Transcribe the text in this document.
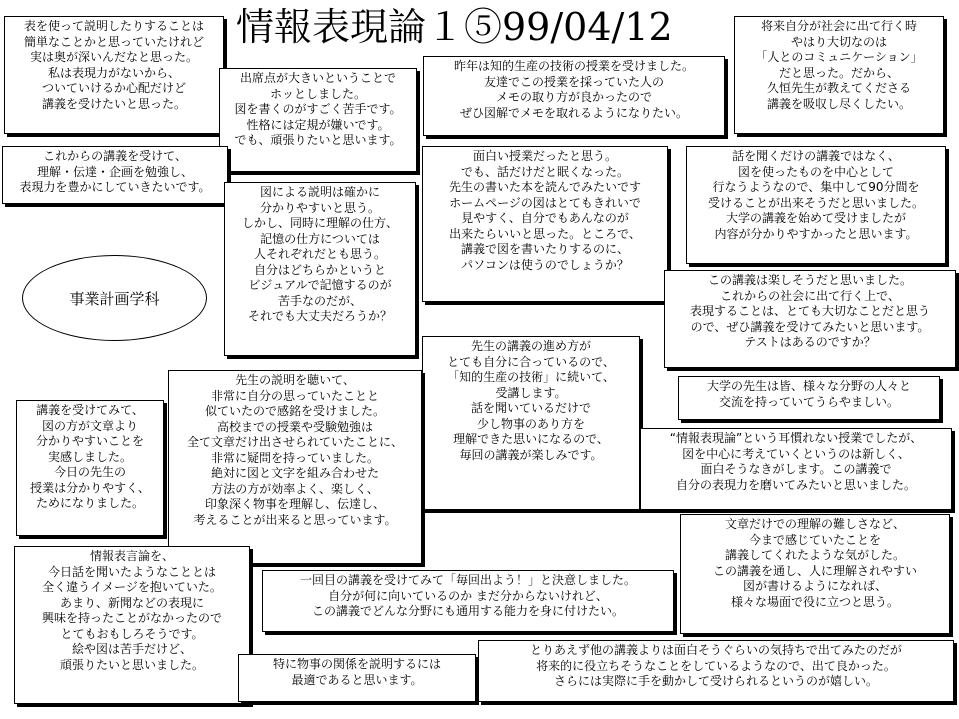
情報表現論１⑤99/04/12
事業計画学科
表を使って説明したりすることは
簡単なことかと思っていたけれど
実は奥が深いんだなと思った。
私は表現力がないから、
ついていけるか心配だけど
講義を受けたいと思った。
出席点が大きいということで
ホッとしました。
図を書くのがすごく苦手です。
性格には定規が嫌いです。
でも、頑張りたいと思います。
昨年は知的生産の技術の授業を受けました。
友達でこの授業を採っていた人の
メモの取り方が良かったので
ぜひ図解でメモを取れるようになりたい。
将来自分が社会に出て行く時
やはり大切なのは
「人とのコミュニケーション」
だと思った。だから、
久恒先生が教えてくださる
講義を吸収し尽くしたい。
これからの講義を受けて、
理解・伝達・企画を勉強し、
表現力を豊かにしていきたいです。	図による説明は確かに
分かりやすいと思う。
しかし、同時に理解の仕方、
記憶の仕方については
人それぞれだとも思う。
自分はどちらかというと
ビジュアルで記憶するのが
苦手なのだが、
それでも大丈夫だろうか？
面白い授業だったと思う。
でも、話だけだと眠くなった。
先生の書いた本を読んでみたいです
ホームページの図はとてもきれいで
見やすく、自分でもあんなのが
出来たらいいと思った。ところで、
講義で図を書いたりするのに、
パソコンは使うのでしょうか？
話を聞くだけの講義ではなく、
図を使ったものを中心として
行なうようなので、集中して90分間を
受けることが出来そうだと思いました。
大学の講義を始めて受けましたが
内容が分かりやすかったと思います。
この講義は楽しそうだと思いました。
これからの社会に出て行く上で、
表現することは、とても大切なことだと思う
ので、ぜひ講義を受けてみたいと思います。
テストはあるのですか？
先生の講義の進め方が
とても自分に合っているので、
「知的生産の技術」に続いて、
受講します。
話を聞いているだけで
少し物事のあり方を
理解できた思いになるので、
毎回の講義が楽しみです。
大学の先生は皆、様々な分野の人々と
交流を持っていてうらやましい。
講義を受けてみて、
図の方が文章より
分かりやすいことを
実感しました。
今日の先生の
授業は分かりやすく、
ためになりました。
先生の説明を聴いて、
非常に自分の思っていたことと
似ていたので感銘を受けました。
高校までの授業や受験勉強は
全て文章だけ出させられていたことに、
非常に疑問を持っていました。
絶対に図と文字を組み合わせた
方法の方が効率よく、楽しく、
印象深く物事を理解し、伝達し、
考えることが出来ると思っています。
“情報表現論”という耳慣れない授業でしたが、
図を中心に考えていくというのは新しく、
面白そうなきがします。この講義で
自分の表現力を磨いてみたいと思いました。
情報表言論を、
今日話を聞いたようなこととは
全く違うイメージを抱いていた。
あまり、新聞などの表現に
興味を持ったことがなかったので
とてもおもしろそうです。
絵や図は苦手だけど、
頑張りたいと思いました。
一回目の講義を受けてみて「毎回出よう！」と決意しました。
自分が何に向いているのか まだ分からないけれど、
この講義でどんな分野にも通用する能力を身に付けたい。
文章だけでの理解の難しさなど、
今まで感じていたことを
講義してくれたような気がした。
この講義を通し、人に理解されやすい
図が書けるようになれば、
様々な場面で役に立つと思う。
特に物事の関係を説明するには
最適であると思います。
とりあえず他の講義よりは面白そうぐらいの気持ちで出てみたのだが
将来的に役立ちそうなことをしているようなので、出て良かった。
さらには実際に手を動かして受けられるというのが嬉しい。
